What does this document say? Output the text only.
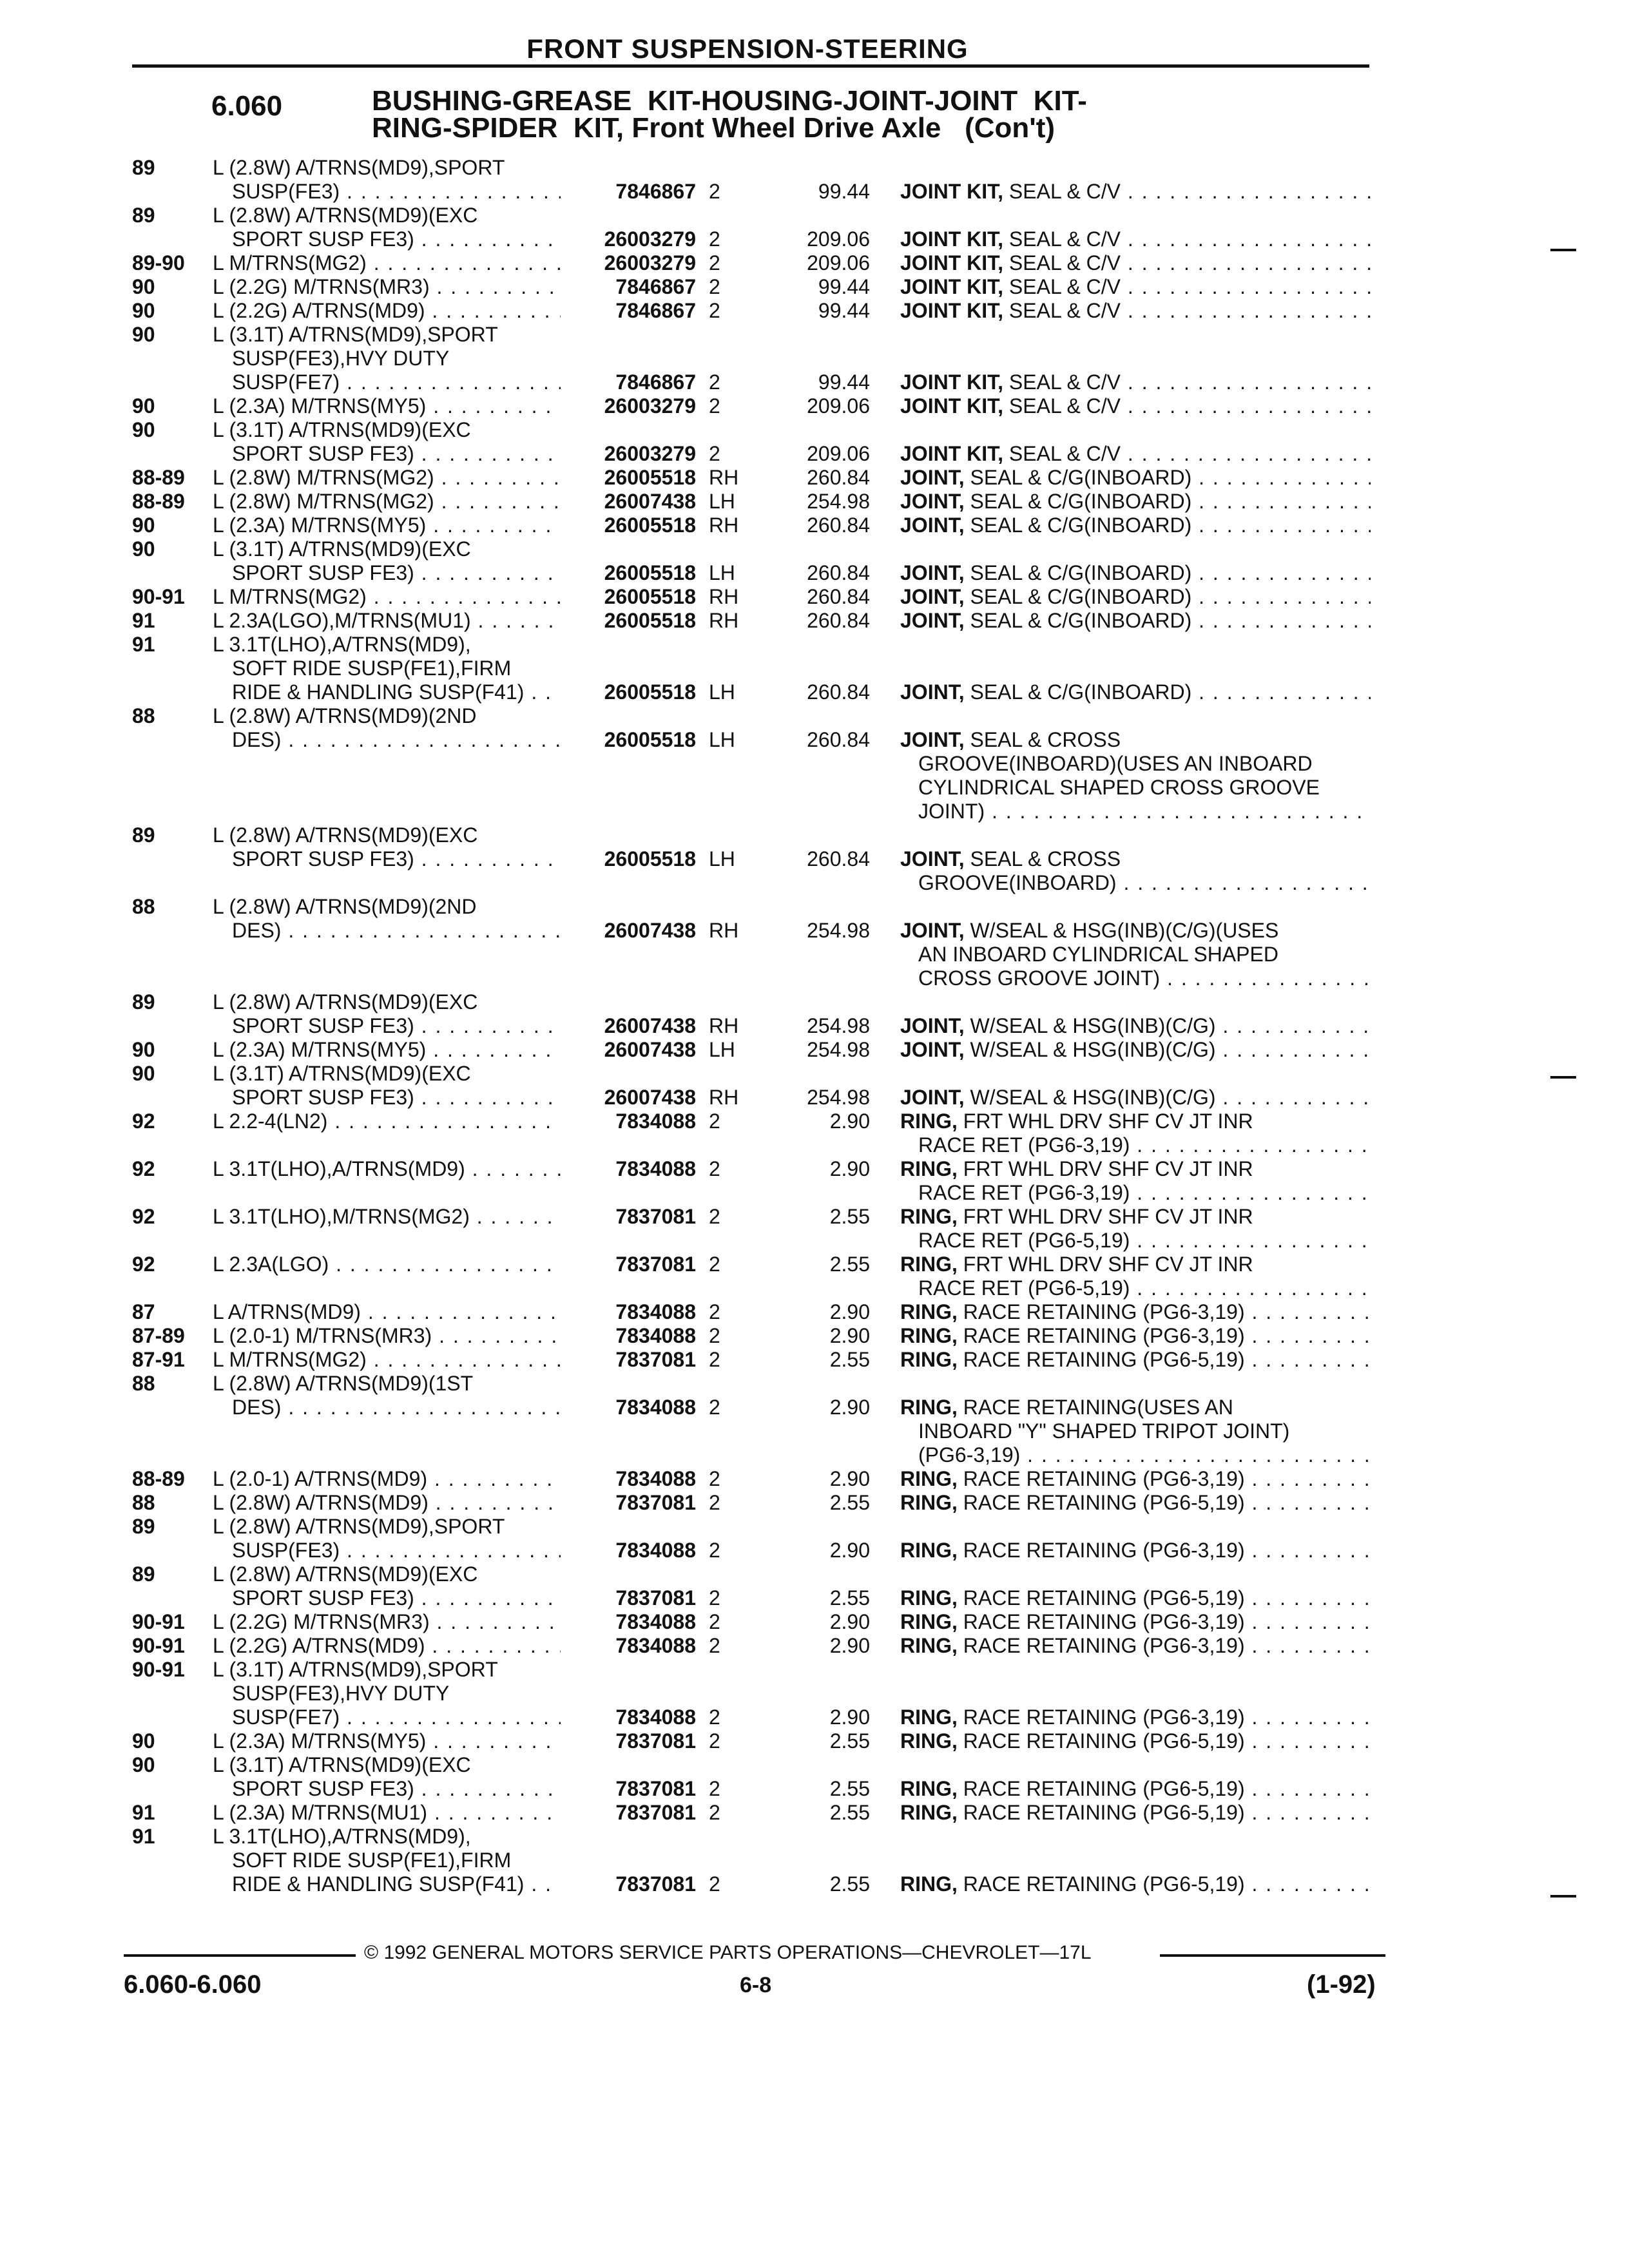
FRONT SUSPENSION-STEERING
6.060	BUSHING-GREASE  KIT-HOUSING-JOINT-JOINT  KIT-
RING-SPIDER  KIT, Front Wheel Drive Axle   (Con't)
89	L (2.8W) A/TRNS(MD9),SPORT
SUSP(FE3) . . .	7846867 2	99.44 JOINT KIT, SEAL & C/V . . .
89	L (2.8W) A/TRNS(MD9)(EXC
SPORT SUSP FE3) . . .	26003279 2	209.06 JOINT KIT, SEAL & C/V . . .
89-90 L M/TRNS(MG2) . . .	26003279 2	209.06 JOINT KIT, SEAL & C/V . . .
90	L (2.2G) M/TRNS(MR3) . . .	7846867 2	99.44 JOINT KIT, SEAL & C/V . . .
90	L (2.2G) A/TRNS(MD9) . . .	7846867 2	99.44 JOINT KIT, SEAL & C/V . . .
90	L (3.1T) A/TRNS(MD9),SPORT
SUSP(FE3),HVY DUTY
SUSP(FE7) . . .	7846867 2	99.44 JOINT KIT, SEAL & C/V . . .
90	L (2.3A) M/TRNS(MY5) . . .	26003279 2	209.06 JOINT KIT, SEAL & C/V . . .
90	L (3.1T) A/TRNS(MD9)(EXC
SPORT SUSP FE3) . . .	26003279 2	209.06 JOINT KIT, SEAL & C/V . . .
88-89 L (2.8W) M/TRNS(MG2) . . .	26005518 RH	260.84 JOINT, SEAL & C/G(INBOARD) . . .
88-89 L (2.8W) M/TRNS(MG2) . . .	26007438 LH	254.98 JOINT, SEAL & C/G(INBOARD) . . .
90	L (2.3A) M/TRNS(MY5) . . .	26005518 RH	260.84 JOINT, SEAL & C/G(INBOARD) . . .
90	L (3.1T) A/TRNS(MD9)(EXC
SPORT SUSP FE3) . . .	26005518 LH	260.84 JOINT, SEAL & C/G(INBOARD) . . .
90-91 L M/TRNS(MG2) . . .	26005518 RH	260.84 JOINT, SEAL & C/G(INBOARD) . . .
91	L 2.3A(LGO),M/TRNS(MU1) . . .	26005518 RH	260.84 JOINT, SEAL & C/G(INBOARD) . . .
91	L 3.1T(LHO),A/TRNS(MD9),
SOFT RIDE SUSP(FE1),FIRM
RIDE & HANDLING SUSP(F41) . . .	26005518 LH	260.84 JOINT, SEAL & C/G(INBOARD) . . .
88	L (2.8W) A/TRNS(MD9)(2ND
DES) . . .	26005518 LH	260.84 JOINT, SEAL & CROSS
GROOVE(INBOARD)(USES AN INBOARD
CYLINDRICAL SHAPED CROSS GROOVE
JOINT) . . .
89	L (2.8W) A/TRNS(MD9)(EXC
SPORT SUSP FE3) . . .	26005518 LH	260.84 JOINT, SEAL & CROSS
GROOVE(INBOARD) . . .
88	L (2.8W) A/TRNS(MD9)(2ND
DES) . . .	26007438 RH	254.98 JOINT, W/SEAL & HSG(INB)(C/G)(USES
AN INBOARD CYLINDRICAL SHAPED
CROSS GROOVE JOINT) . . .
89	L (2.8W) A/TRNS(MD9)(EXC
SPORT SUSP FE3) . . .	26007438 RH	254.98 JOINT, W/SEAL & HSG(INB)(C/G) . . .
90	L (2.3A) M/TRNS(MY5) . . .	26007438 LH	254.98 JOINT, W/SEAL & HSG(INB)(C/G) . . .
90	L (3.1T) A/TRNS(MD9)(EXC
SPORT SUSP FE3) . . .	26007438 RH	254.98 JOINT, W/SEAL & HSG(INB)(C/G) . . .
92	L 2.2-4(LN2) . . .	7834088 2	2.90 RING, FRT WHL DRV SHF CV JT INR
RACE RET (PG6-3,19) . . .
92	L 3.1T(LHO),A/TRNS(MD9) . . .	7834088 2	2.90 RING, FRT WHL DRV SHF CV JT INR
RACE RET (PG6-3,19) . . .
92	L 3.1T(LHO),M/TRNS(MG2) . . .	7837081 2	2.55 RING, FRT WHL DRV SHF CV JT INR
RACE RET (PG6-5,19) . . .
92	L 2.3A(LGO) . . .	7837081 2	2.55 RING, FRT WHL DRV SHF CV JT INR
RACE RET (PG6-5,19) . . .
87	L A/TRNS(MD9) . . .	7834088 2	2.90 RING, RACE RETAINING (PG6-3,19) . . .
87-89 L (2.0-1) M/TRNS(MR3) . . .	7834088 2	2.90 RING, RACE RETAINING (PG6-3,19) . . .
87-91 L M/TRNS(MG2) . . .	7837081 2	2.55 RING, RACE RETAINING (PG6-5,19) . . .
88	L (2.8W) A/TRNS(MD9)(1ST
DES) . . .	7834088 2	2.90 RING, RACE RETAINING(USES AN
INBOARD "Y" SHAPED TRIPOT JOINT)
(PG6-3,19) . . .
88-89 L (2.0-1) A/TRNS(MD9) . . .	7834088 2	2.90 RING, RACE RETAINING (PG6-3,19) . . .
88	L (2.8W) A/TRNS(MD9) . . .	7837081 2	2.55 RING, RACE RETAINING (PG6-5,19) . . .
89	L (2.8W) A/TRNS(MD9),SPORT
SUSP(FE3) . . .	7834088 2	2.90 RING, RACE RETAINING (PG6-3,19) . . .
89	L (2.8W) A/TRNS(MD9)(EXC
SPORT SUSP FE3) . . .	7837081 2	2.55 RING, RACE RETAINING (PG6-5,19) . . .
90-91 L (2.2G) M/TRNS(MR3) . . .	7834088 2	2.90 RING, RACE RETAINING (PG6-3,19) . . .
90-91 L (2.2G) A/TRNS(MD9) . . .	7834088 2	2.90 RING, RACE RETAINING (PG6-3,19) . . .
90-91 L (3.1T) A/TRNS(MD9),SPORT
SUSP(FE3),HVY DUTY
SUSP(FE7) . . .	7834088 2	2.90 RING, RACE RETAINING (PG6-3,19) . . .
90	L (2.3A) M/TRNS(MY5) . . .	7837081 2	2.55 RING, RACE RETAINING (PG6-5,19) . . .
90	L (3.1T) A/TRNS(MD9)(EXC
SPORT SUSP FE3) . . .	7837081 2	2.55 RING, RACE RETAINING (PG6-5,19) . . .
91	L (2.3A) M/TRNS(MU1) . . .	7837081 2	2.55 RING, RACE RETAINING (PG6-5,19) . . .
91	L 3.1T(LHO),A/TRNS(MD9),
SOFT RIDE SUSP(FE1),FIRM
RIDE & HANDLING SUSP(F41) . . .	7837081 2	2.55 RING, RACE RETAINING (PG6-5,19) . . .
© 1992 GENERAL MOTORS SERVICE PARTS OPERATIONS—CHEVROLET—17L
6.060-6.060	6-8	(1-92)
